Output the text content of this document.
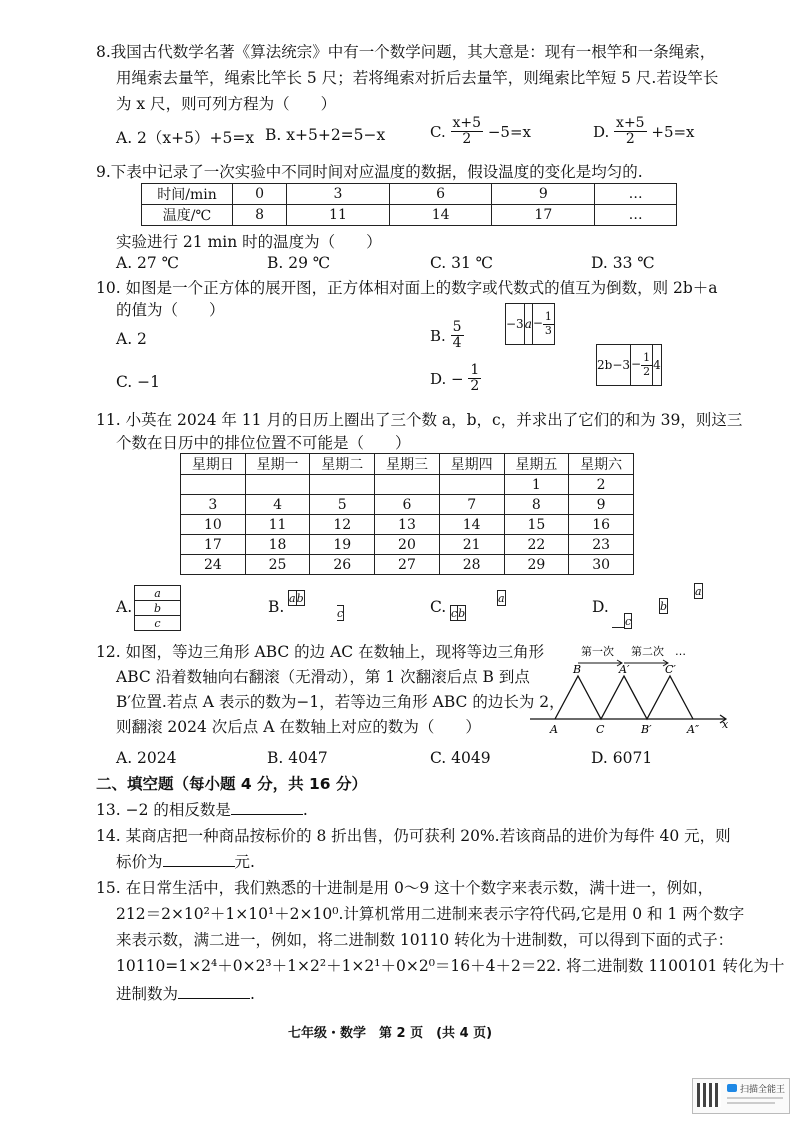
8.我国古代数学名著《算法统宗》中有一个数学问题，其大意是：现有一根竿和一条绳索，
用绳索去量竿，绳索比竿长 5 尺；若将绳索对折后去量竿，则绳索比竿短 5 尺.若设竿长
为 x 尺，则可列方程为（　　）
A. 2（x+5）+5=x B. x+5+2=5−x	C. $\frac{x+5}{2} -5=x$	D. $\frac{x+5}{2} +5=x$
9.下表中记录了一次实验中不同时间对应温度的数据，假设温度的变化是均匀的.
时间/min	0	3	6	9	…
温度/℃	8	11	14	17	…
实验进行 21 min 时的温度为（　　）
A. 27 ℃	B. 29 ℃	C. 31 ℃	D. 33 ℃
10. 如图是一个正方体的展开图，正方体相对面上的数字或代数式的值互为倒数，则 2b＋a
的值为（　　）
A. 2	B. $\frac{5}{4}$
C. −1	D. − $\frac{1}{2}$
−3	a	− $\frac{1}{3}$
2b−3	− $\frac{1}{2}$	4
11. 小英在 2024 年 11 月的日历上圈出了三个数 a，b，c，并求出了它们的和为 39，则这三
个数在日历中的排位位置不可能是（　　）
星期日	星期一	星期二	星期三	星期四	星期五	星期六
					1	2
3	4	5	6	7	8	9
10	11	12	13	14	15	16
17	18	19	20	21	22	23
24	25	26	27	28	29	30
A.
a
b
c
B. a	b
	c	C.	a
c	b	D.
a
b
c
12. 如图，等边三角形 ABC 的边 AC 在数轴上，现将等边三角形
ABC 沿着数轴向右翻滚（无滑动），第 1 次翻滚后点 B 到点
B′位置.若点 A 表示的数为−1，若等边三角形 ABC 的边长为 2，
则翻滚 2024 次后点 A 在数轴上对应的数为（　　）
A. 2024	B. 4047	C. 4049	D. 6071
第一次 第二次 …
B	A′	C′
A	C	B′	A″ x
二、填空题（每小题 4 分，共 16 分）
13. −2 的相反数是	.
14. 某商店把一种商品按标价的 8 折出售，仍可获利 20%.若该商品的进价为每件 40 元，则
标价为	元.
15. 在日常生活中，我们熟悉的十进制是用 0～9 这十个数字来表示数，满十进一，例如，
212＝2×10²＋1×10¹＋2×10⁰.计算机常用二进制来表示字符代码,它是用 0 和 1 两个数字
来表示数，满二进一，例如，将二进制数 10110 转化为十进制数，可以得到下面的式子：
10110=1×2⁴＋0×2³＋1×2²＋1×2¹＋0×2⁰＝16＋4＋2＝22. 将二进制数 1100101 转化为十
进制数为	.
七年级・数学　第 2 页　(共 4 页)
扫描全能王
